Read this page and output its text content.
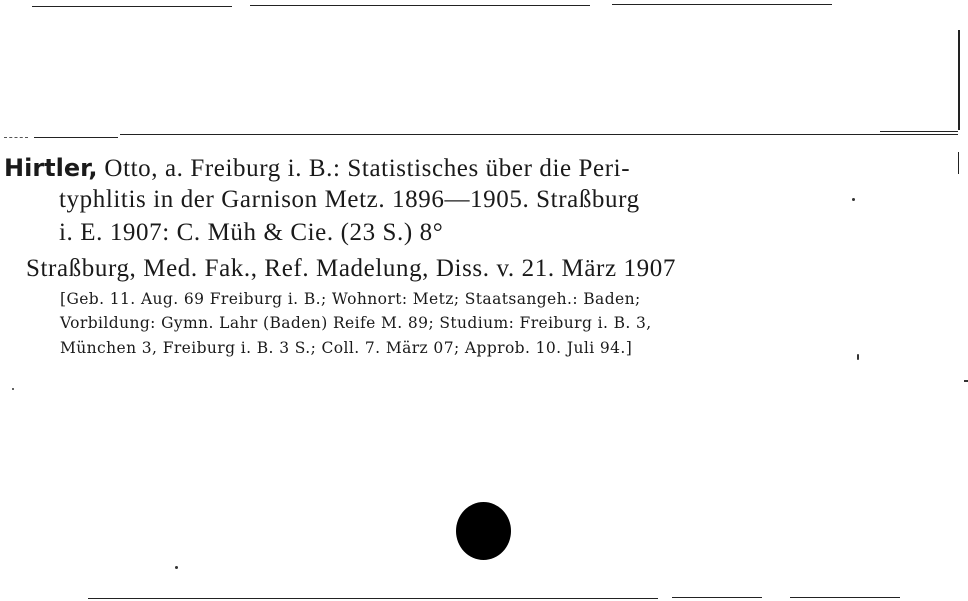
Hirtler, Otto, a. Freiburg i. B.: Statistisches über die Peri-
typhlitis in der Garnison Metz. 1896—1905. Straßburg
i. E. 1907: C. Müh & Cie. (23 S.) 8°
Straßburg, Med. Fak., Ref. Madelung, Diss. v. 21. März 1907
[Geb. 11. Aug. 69 Freiburg i. B.; Wohnort: Metz; Staatsangeh.: Baden;
Vorbildung: Gymn. Lahr (Baden) Reife M. 89; Studium: Freiburg i. B. 3,
München 3, Freiburg i. B. 3 S.; Coll. 7. März 07; Approb. 10. Juli 94.]
